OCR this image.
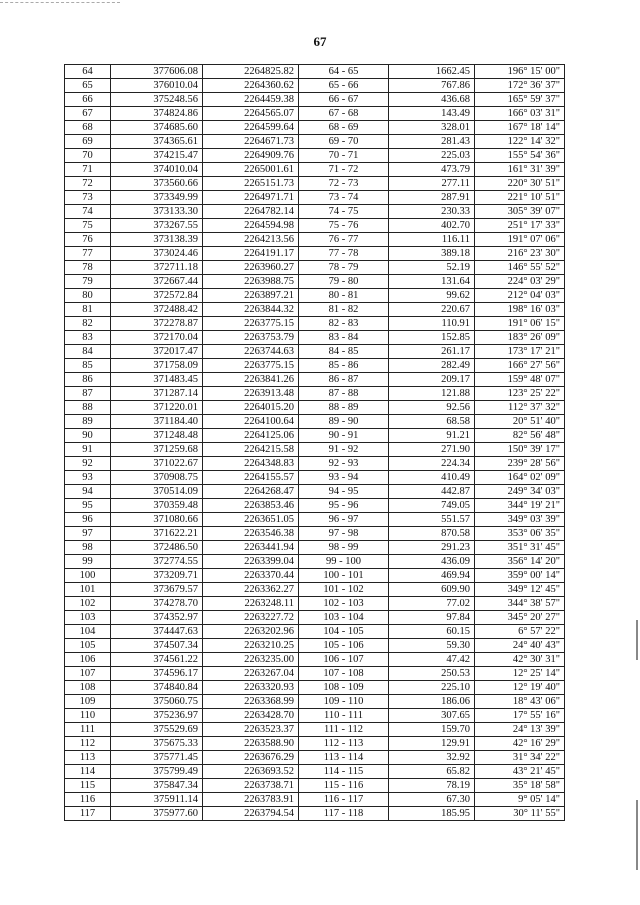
67
64	377606.08	2264825.82	64 - 65	1662.45	196° 15' 00"
65	376010.04	2264360.62	65 - 66	767.86	172° 36' 37"
66	375248.56	2264459.38	66 - 67	436.68	165° 59' 37"
67	374824.86	2264565.07	67 - 68	143.49	166° 03' 31"
68	374685.60	2264599.64	68 - 69	328.01	167° 18' 14"
69	374365.61	2264671.73	69 - 70	281.43	122° 14' 32"
70	374215.47	2264909.76	70 - 71	225.03	155° 54' 36"
71	374010.04	2265001.61	71 - 72	473.79	161° 31' 39"
72	373560.66	2265151.73	72 - 73	277.11	220° 30' 51"
73	373349.99	2264971.71	73 - 74	287.91	221° 10' 51"
74	373133.30	2264782.14	74 - 75	230.33	305° 39' 07"
75	373267.55	2264594.98	75 - 76	402.70	251° 17' 33"
76	373138.39	2264213.56	76 - 77	116.11	191° 07' 06"
77	373024.46	2264191.17	77 - 78	389.18	216° 23' 30"
78	372711.18	2263960.27	78 - 79	52.19	146° 55' 52"
79	372667.44	2263988.75	79 - 80	131.64	224° 03' 29"
80	372572.84	2263897.21	80 - 81	99.62	212° 04' 03"
81	372488.42	2263844.32	81 - 82	220.67	198° 16' 03"
82	372278.87	2263775.15	82 - 83	110.91	191° 06' 15"
83	372170.04	2263753.79	83 - 84	152.85	183° 26' 09"
84	372017.47	2263744.63	84 - 85	261.17	173° 17' 21"
85	371758.09	2263775.15	85 - 86	282.49	166° 27' 56"
86	371483.45	2263841.26	86 - 87	209.17	159° 48' 07"
87	371287.14	2263913.48	87 - 88	121.88	123° 25' 22"
88	371220.01	2264015.20	88 - 89	92.56	112° 37' 32"
89	371184.40	2264100.64	89 - 90	68.58	20° 51' 40"
90	371248.48	2264125.06	90 - 91	91.21	82° 56' 48"
91	371259.68	2264215.58	91 - 92	271.90	150° 39' 17"
92	371022.67	2264348.83	92 - 93	224.34	239° 28' 56"
93	370908.75	2264155.57	93 - 94	410.49	164° 02' 09"
94	370514.09	2264268.47	94 - 95	442.87	249° 34' 03"
95	370359.48	2263853.46	95 - 96	749.05	344° 19' 21"
96	371080.66	2263651.05	96 - 97	551.57	349° 03' 39"
97	371622.21	2263546.38	97 - 98	870.58	353° 06' 35"
98	372486.50	2263441.94	98 - 99	291.23	351° 31' 45"
99	372774.55	2263399.04	99 - 100	436.09	356° 14' 20"
100	373209.71	2263370.44	100 - 101	469.94	359° 00' 14"
101	373679.57	2263362.27	101 - 102	609.90	349° 12' 45"
102	374278.70	2263248.11	102 - 103	77.02	344° 38' 57"
103	374352.97	2263227.72	103 - 104	97.84	345° 20' 27"
104	374447.63	2263202.96	104 - 105	60.15	6° 57' 22"
105	374507.34	2263210.25	105 - 106	59.30	24° 40' 43"
106	374561.22	2263235.00	106 - 107	47.42	42° 30' 31"
107	374596.17	2263267.04	107 - 108	250.53	12° 25' 14"
108	374840.84	2263320.93	108 - 109	225.10	12° 19' 40"
109	375060.75	2263368.99	109 - 110	186.06	18° 43' 06"
110	375236.97	2263428.70	110 - 111	307.65	17° 55' 16"
111	375529.69	2263523.37	111 - 112	159.70	24° 13' 39"
112	375675.33	2263588.90	112 - 113	129.91	42° 16' 29"
113	375771.45	2263676.29	113 - 114	32.92	31° 34' 22"
114	375799.49	2263693.52	114 - 115	65.82	43° 21' 45"
115	375847.34	2263738.71	115 - 116	78.19	35° 18' 58"
116	375911.14	2263783.91	116 - 117	67.30	9° 05' 14"
117	375977.60	2263794.54	117 - 118	185.95	30° 11' 55"
